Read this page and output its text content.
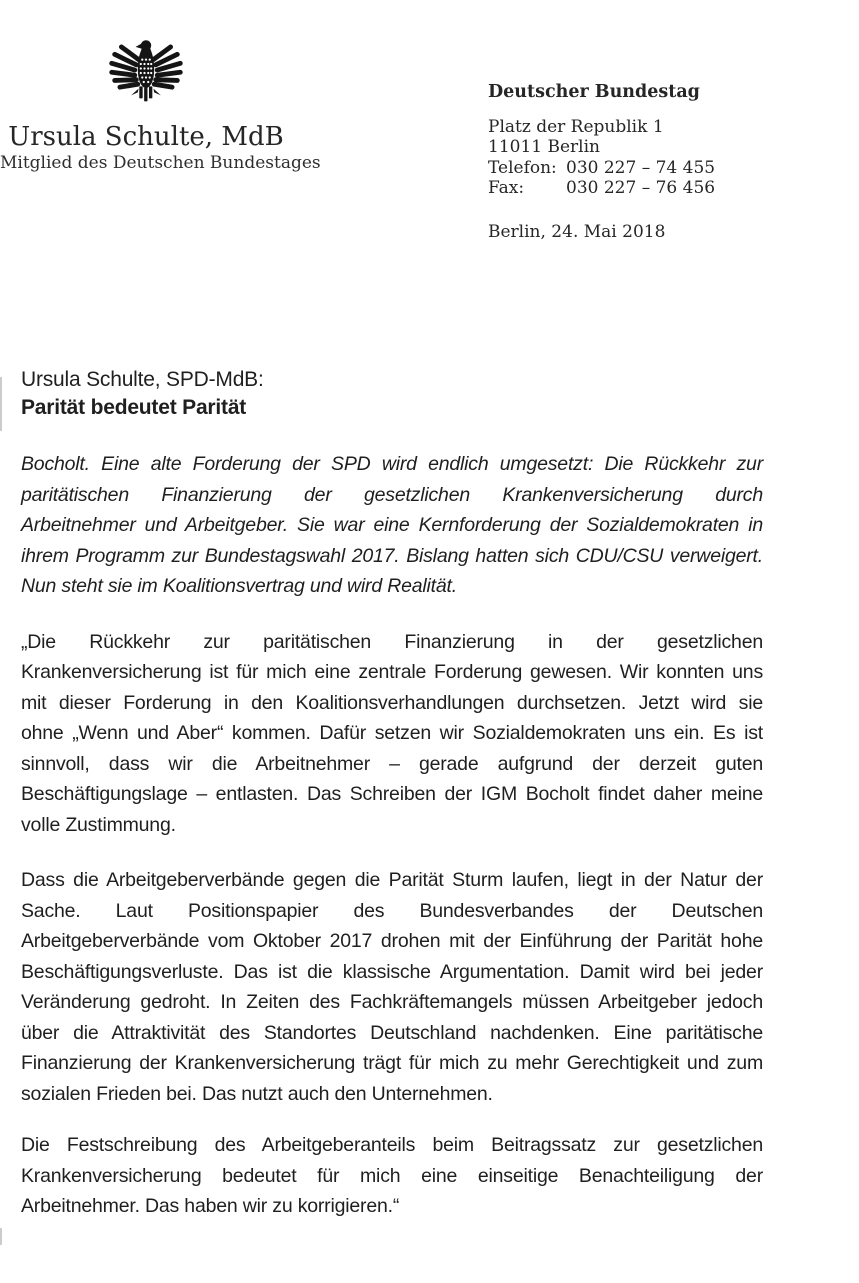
Ursula Schulte, MdB
Mitglied des Deutschen Bundestages
Deutscher Bundestag
Platz der Republik 1
11011 Berlin
Telefon: 030 227 – 74 455
Fax:	030 227 – 76 456
Berlin, 24. Mai 2018
Ursula Schulte, SPD-MdB:
Parität bedeutet Parität
Bocholt. Eine alte Forderung der SPD wird endlich umgesetzt: Die Rückkehr zur
paritätischen Finanzierung der gesetzlichen Krankenversicherung durch
Arbeitnehmer und Arbeitgeber. Sie war eine Kernforderung der Sozialdemokraten in
ihrem Programm zur Bundestagswahl 2017. Bislang hatten sich CDU/CSU verweigert.
Nun steht sie im Koalitionsvertrag und wird Realität.
„Die Rückkehr zur paritätischen Finanzierung in der gesetzlichen
Krankenversicherung ist für mich eine zentrale Forderung gewesen. Wir konnten uns
mit dieser Forderung in den Koalitionsverhandlungen durchsetzen. Jetzt wird sie
ohne „Wenn und Aber“ kommen. Dafür setzen wir Sozialdemokraten uns ein. Es ist
sinnvoll, dass wir die Arbeitnehmer – gerade aufgrund der derzeit guten
Beschäftigungslage – entlasten. Das Schreiben der IGM Bocholt findet daher meine
volle Zustimmung.
Dass die Arbeitgeberverbände gegen die Parität Sturm laufen, liegt in der Natur der
Sache. Laut Positionspapier des Bundesverbandes der Deutschen
Arbeitgeberverbände vom Oktober 2017 drohen mit der Einführung der Parität hohe
Beschäftigungsverluste. Das ist die klassische Argumentation. Damit wird bei jeder
Veränderung gedroht. In Zeiten des Fachkräftemangels müssen Arbeitgeber jedoch
über die Attraktivität des Standortes Deutschland nachdenken. Eine paritätische
Finanzierung der Krankenversicherung trägt für mich zu mehr Gerechtigkeit und zum
sozialen Frieden bei. Das nutzt auch den Unternehmen.
Die Festschreibung des Arbeitgeberanteils beim Beitragssatz zur gesetzlichen
Krankenversicherung bedeutet für mich eine einseitige Benachteiligung der
Arbeitnehmer. Das haben wir zu korrigieren.“
